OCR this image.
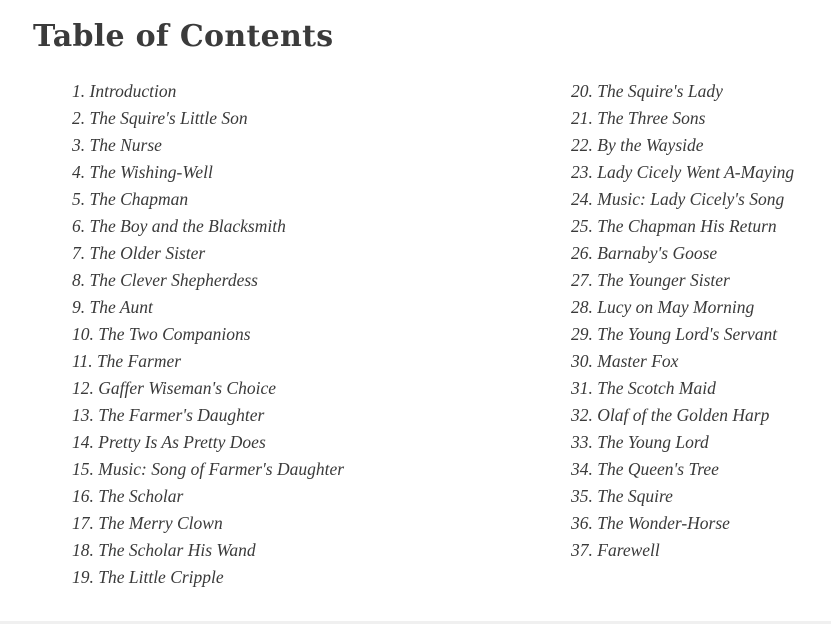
Table of Contents
1. Introduction
2. The Squire's Little Son
3. The Nurse
4. The Wishing-Well
5. The Chapman
6. The Boy and the Blacksmith
7. The Older Sister
8. The Clever Shepherdess
9. The Aunt
10. The Two Companions
11. The Farmer
12. Gaffer Wiseman's Choice
13. The Farmer's Daughter
14. Pretty Is As Pretty Does
15. Music: Song of Farmer's Daughter
16. The Scholar
17. The Merry Clown
18. The Scholar His Wand
19. The Little Cripple
20. The Squire's Lady
21. The Three Sons
22. By the Wayside
23. Lady Cicely Went A-Maying
24. Music: Lady Cicely's Song
25. The Chapman His Return
26. Barnaby's Goose
27. The Younger Sister
28. Lucy on May Morning
29. The Young Lord's Servant
30. Master Fox
31. The Scotch Maid
32. Olaf of the Golden Harp
33. The Young Lord
34. The Queen's Tree
35. The Squire
36. The Wonder-Horse
37. Farewell
